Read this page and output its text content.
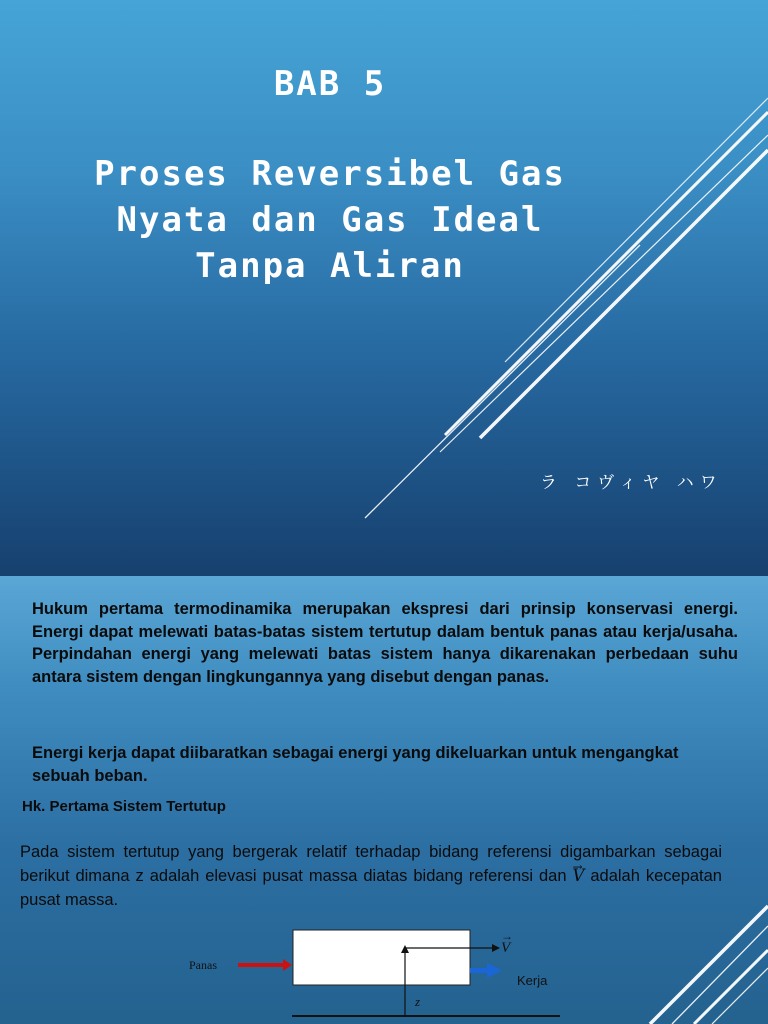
BAB 5
Proses Reversibel Gas
Nyata dan Gas Ideal
Tanpa Aliran

ラ コヴィヤ ハワ

Hukum pertama termodinamika merupakan ekspresi dari prinsip konservasi energi. Energi dapat melewati batas-batas sistem tertutup dalam bentuk panas atau kerja/usaha. Perpindahan energi yang melewati batas sistem hanya dikarenakan perbedaan suhu antara sistem dengan lingkungannya yang disebut dengan panas.

Energi kerja dapat diibaratkan sebagai energi yang dikeluarkan untuk mengangkat sebuah beban.

Hk. Pertama Sistem Tertutup

Pada sistem tertutup yang bergerak relatif terhadap bidang referensi digambarkan sebagai berikut dimana z adalah elevasi pusat massa diatas bidang referensi dan → V adalah kecepatan pusat massa.

Panas
Kerja
→ V
z
